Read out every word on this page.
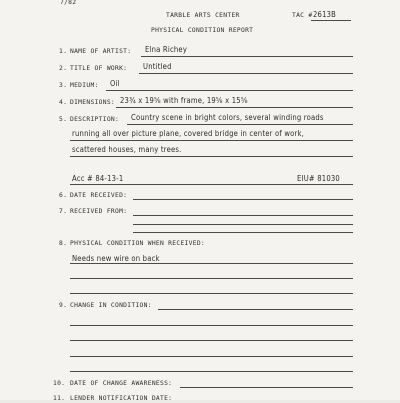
7/82
TARBLE ARTS CENTER	TAC # 2613B
PHYSICAL CONDITION REPORT
1. NAME OF ARTIST: Elna Richey
2. TITLE OF WORK: Untitled
3. MEDIUM: Oil
4. DIMENSIONS: 23¾ x 19⅝ with frame, 19⅝ x 15⅝
5. DESCRIPTION: Country scene in bright colors, several winding roads
running all over picture plane, covered bridge in center of work,
scattered houses, many trees.
Acc # 84-13-1	EIU# 81030
6. DATE RECEIVED:
7. RECEIVED FROM:
8. PHYSICAL CONDITION WHEN RECEIVED:
Needs new wire on back
9. CHANGE IN CONDITION:
10. DATE OF CHANGE AWARENESS:
11. LENDER NOTIFICATION DATE:
